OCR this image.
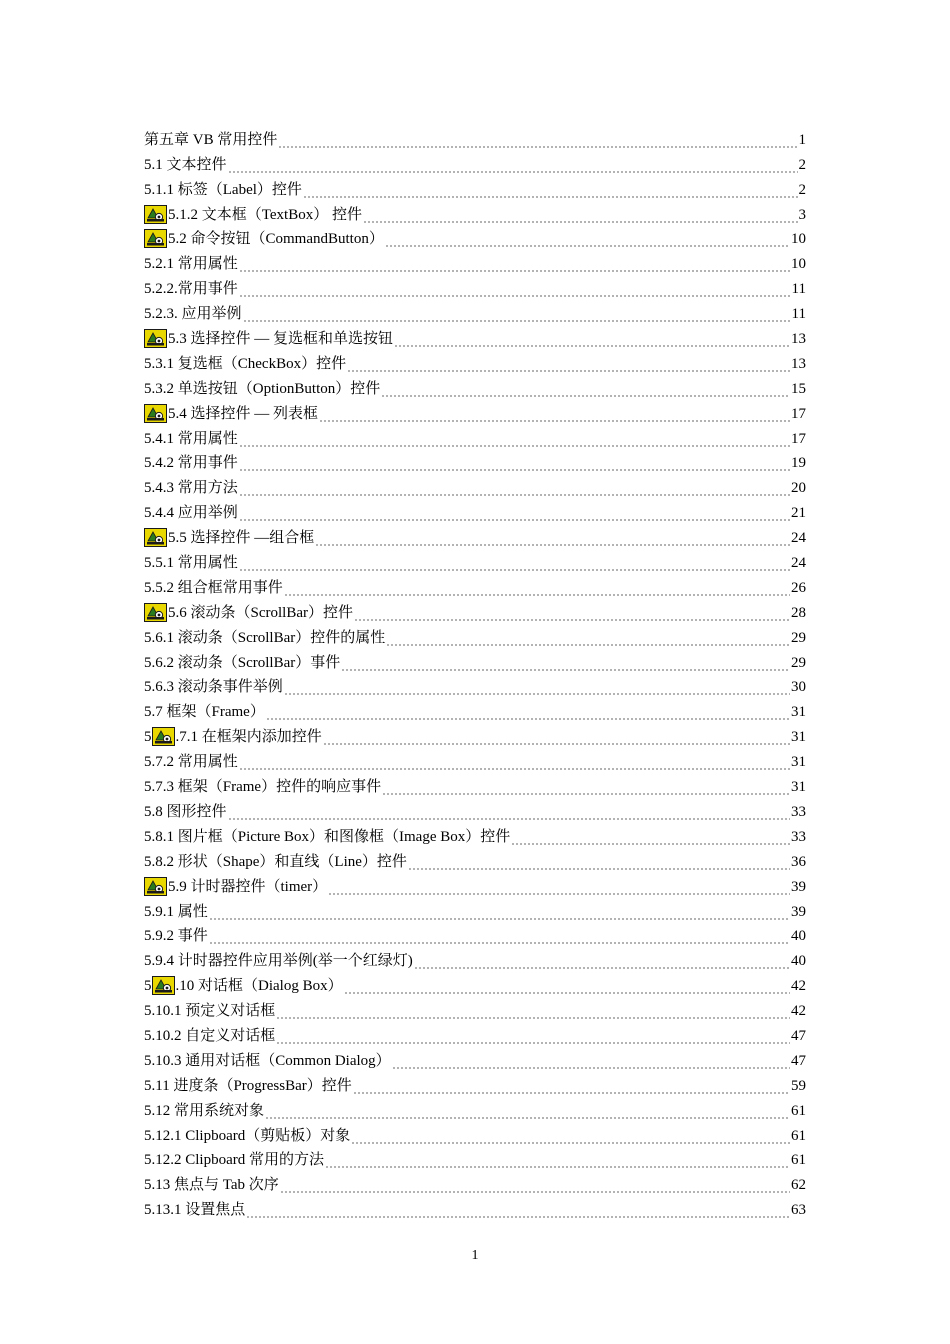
第五章 VB 常用控件	1
5.1 文本控件	2
5.1.1 标签（Label）控件	2
5.1.2 文本框（TextBox） 控件	3
5.2 命令按钮（CommandButton）	10
5.2.1 常用属性	10
5.2.2.常用事件	11
5.2.3. 应用举例	11
5.3 选择控件 — 复选框和单选按钮	13
5.3.1 复选框（CheckBox）控件	13
5.3.2 单选按钮（OptionButton）控件	15
5.4 选择控件 — 列表框	17
5.4.1 常用属性	17
5.4.2 常用事件	19
5.4.3 常用方法	20
5.4.4 应用举例	21
5.5 选择控件 —组合框	24
5.5.1 常用属性	24
5.5.2 组合框常用事件	26
5.6 滚动条（ScrollBar）控件	28
5.6.1 滚动条（ScrollBar）控件的属性	29
5.6.2 滚动条（ScrollBar）事件	29
5.6.3 滚动条事件举例	30
5.7 框架（Frame）	31
5 .7.1 在框架内添加控件	31
5.7.2 常用属性	31
5.7.3 框架（Frame）控件的响应事件	31
5.8 图形控件	33
5.8.1 图片框（Picture Box）和图像框（Image Box）控件	33
5.8.2 形状（Shape）和直线（Line）控件	36
5.9 计时器控件（timer）	39
5.9.1 属性	39
5.9.2 事件	40
5.9.4 计时器控件应用举例(举一个红绿灯)	40
5 .10 对话框（Dialog Box）	42
5.10.1 预定义对话框	42
5.10.2 自定义对话框	47
5.10.3 通用对话框（Common Dialog）	47
5.11 进度条（ProgressBar）控件	59
5.12 常用系统对象	61
5.12.1 Clipboard（剪贴板）对象	61
5.12.2 Clipboard 常用的方法	61
5.13 焦点与 Tab 次序	62
5.13.1 设置焦点	63
1
